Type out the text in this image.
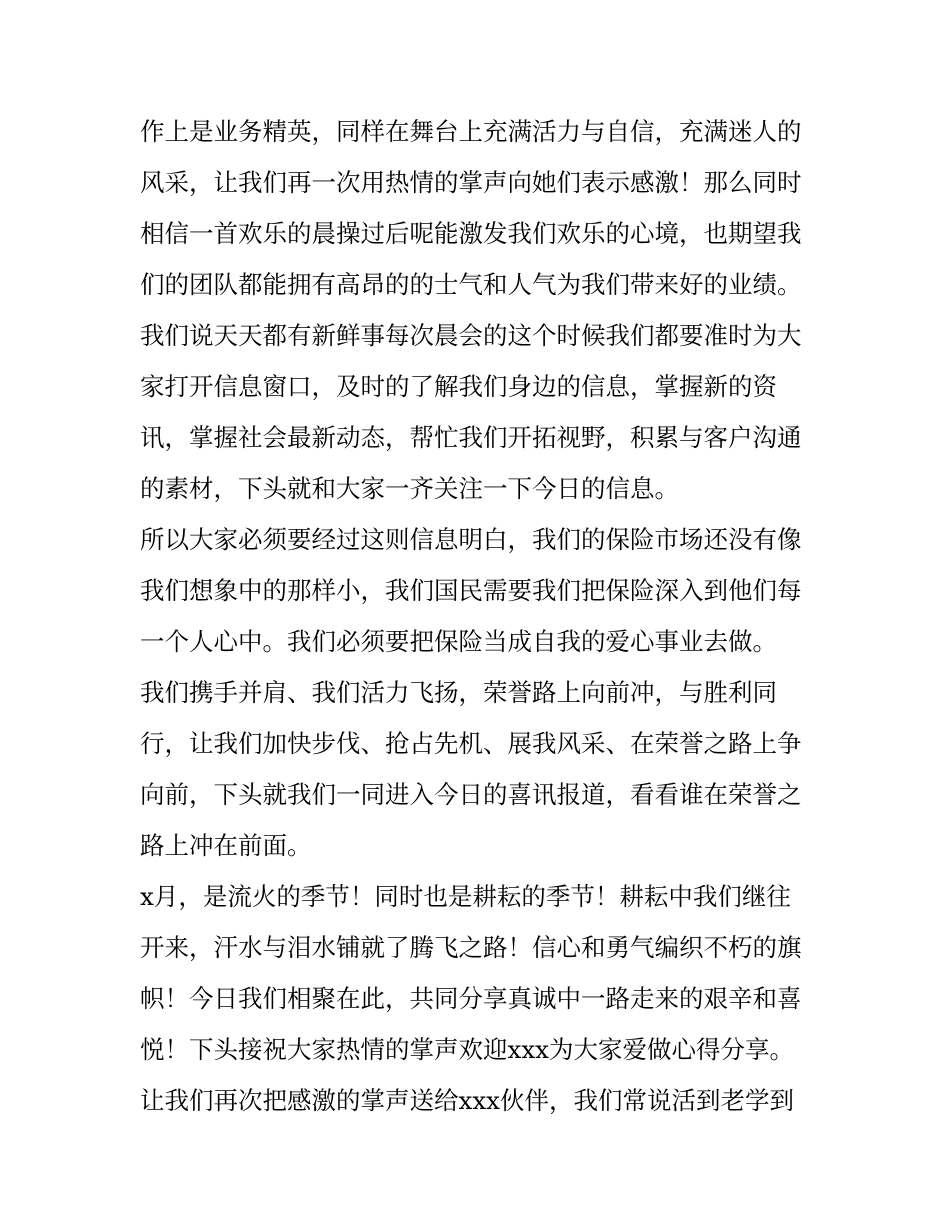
作上是业务精英，同样在舞台上充满活力与自信，充满迷人的
风采，让我们再一次用热情的掌声向她们表示感激！那么同时
相信一首欢乐的晨操过后呢能激发我们欢乐的心境，也期望我
们的团队都能拥有高昂的的士气和人气为我们带来好的业绩。
我们说天天都有新鲜事每次晨会的这个时候我们都要准时为大
家打开信息窗口，及时的了解我们身边的信息，掌握新的资
讯，掌握社会最新动态，帮忙我们开拓视野，积累与客户沟通
的素材，下头就和大家一齐关注一下今日的信息。
所以大家必须要经过这则信息明白，我们的保险市场还没有像
我们想象中的那样小，我们国民需要我们把保险深入到他们每
一个人心中。我们必须要把保险当成自我的爱心事业去做。
我们携手并肩、我们活力飞扬，荣誉路上向前冲，与胜利同
行，让我们加快步伐、抢占先机、展我风采、在荣誉之路上争
向前，下头就我们一同进入今日的喜讯报道，看看谁在荣誉之
路上冲在前面。
x月，是流火的季节！同时也是耕耘的季节！耕耘中我们继往
开来，汗水与泪水铺就了腾飞之路！信心和勇气编织不朽的旗
帜！今日我们相聚在此，共同分享真诚中一路走来的艰辛和喜
悦！下头接祝大家热情的掌声欢迎xxx为大家爱做心得分享。
让我们再次把感激的掌声送给xxx伙伴，我们常说活到老学到
